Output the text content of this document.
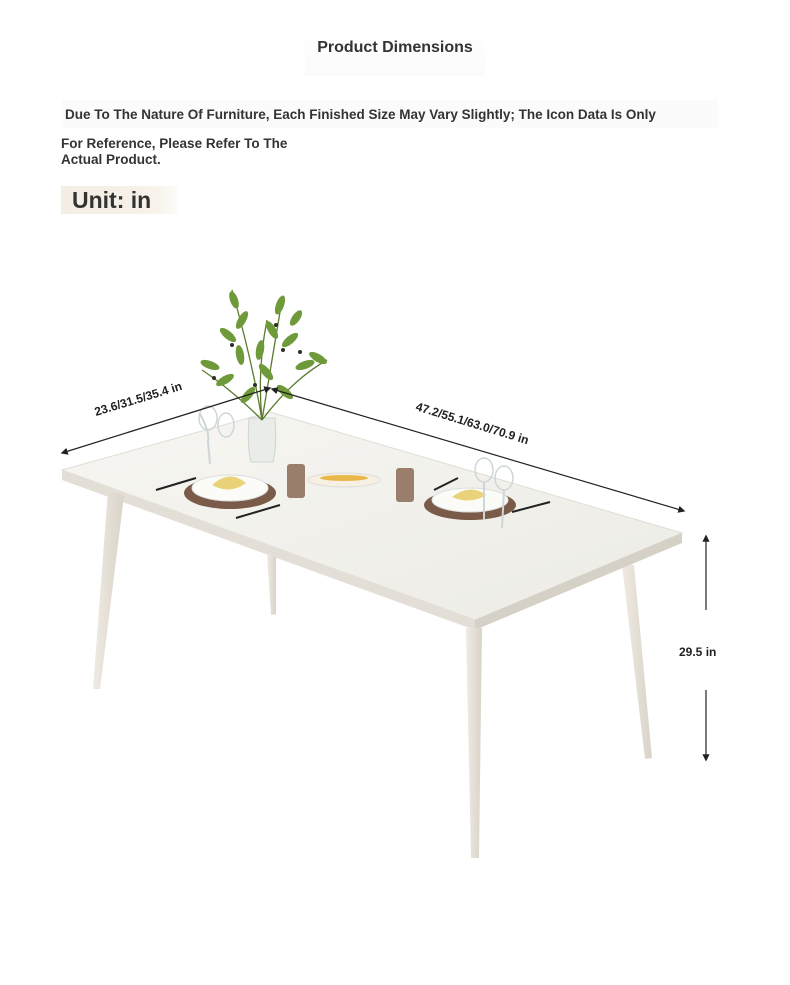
Product Dimensions
Due To The Nature Of Furniture, Each Finished Size May Vary Slightly; The Icon Data Is Only
For Reference, Please Refer To The Actual Product.
Unit: in
23.6/31.5/35.4 in
47.2/55.1/63.0/70.9 in
29.5 in
